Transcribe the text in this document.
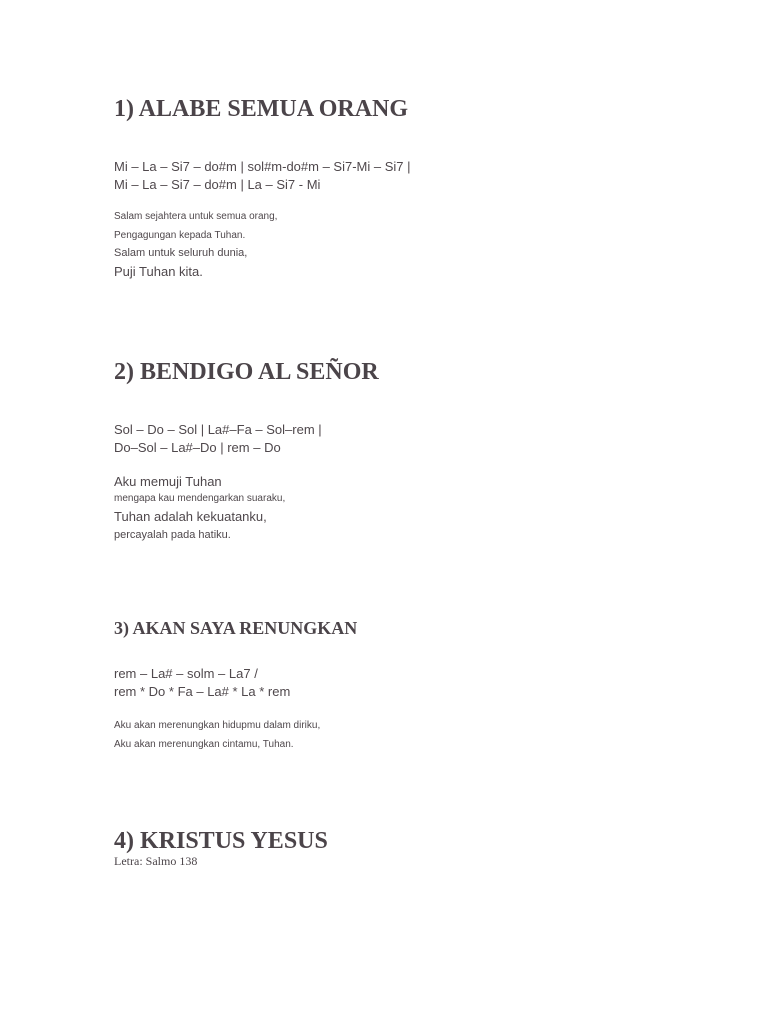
1) ALABE SEMUA ORANG
Mi – La – Si7 – do#m | sol#m-do#m – Si7-Mi – Si7 |
Mi – La – Si7 – do#m | La – Si7 - Mi
Salam sejahtera untuk semua orang,
Pengagungan kepada Tuhan.
Salam untuk seluruh dunia,
Puji Tuhan kita.
2) BENDIGO AL SEÑOR
Sol – Do – Sol | La#–Fa – Sol–rem |
Do–Sol – La#–Do | rem – Do
Aku memuji Tuhan
mengapa kau mendengarkan suaraku,
Tuhan adalah kekuatanku,
percayalah pada hatiku.
3) AKAN SAYA RENUNGKAN
rem – La# – solm – La7 /
rem * Do * Fa – La# * La * rem
Aku akan merenungkan hidupmu dalam diriku,
Aku akan merenungkan cintamu, Tuhan.
4) KRISTUS YESUS
Letra: Salmo 138
